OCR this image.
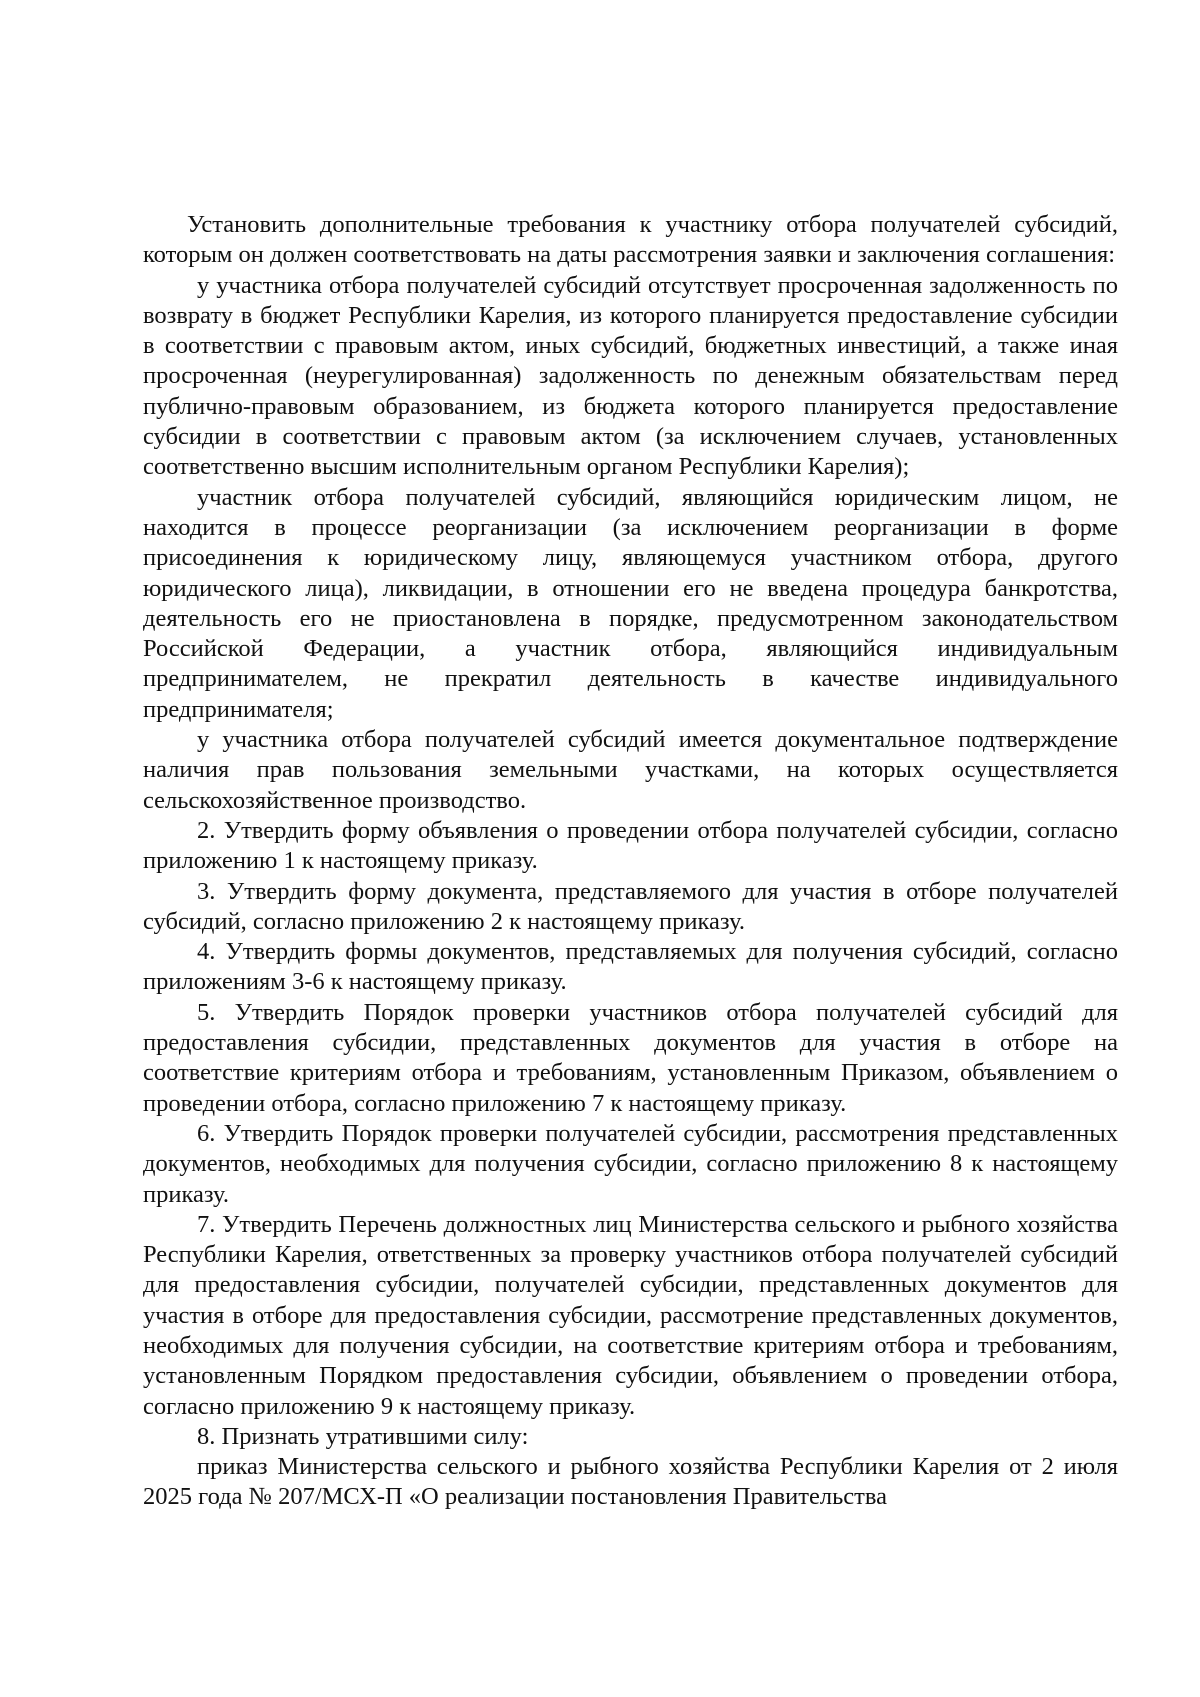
Установить дополнительные требования к участнику отбора получателей субсидий, которым он должен соответствовать на даты рассмотрения заявки и заключения соглашения:

у участника отбора получателей субсидий отсутствует просроченная задолженность по возврату в бюджет Республики Карелия, из которого планируется предоставление субсидии в соответствии с правовым актом, иных субсидий, бюджетных инвестиций, а также иная просроченная (неурегулированная) задолженность по денежным обязательствам перед публично-правовым образованием, из бюджета которого планируется предоставление субсидии в соответствии с правовым актом (за исключением случаев, установленных соответственно высшим исполнительным органом Республики Карелия);

участник отбора получателей субсидий, являющийся юридическим лицом, не находится в процессе реорганизации (за исключением реорганизации в форме присоединения к юридическому лицу, являющемуся участником отбора, другого юридического лица), ликвидации, в отношении его не введена процедура банкротства, деятельность его не приостановлена в порядке, предусмотренном законодательством Российской Федерации, а участник отбора, являющийся индивидуальным предпринимателем, не прекратил деятельность в качестве индивидуального предпринимателя;

у участника отбора получателей субсидий имеется документальное подтверждение наличия прав пользования земельными участками, на которых осуществляется сельскохозяйственное производство.

2. Утвердить форму объявления о проведении отбора получателей субсидии, согласно приложению 1 к настоящему приказу.

3. Утвердить форму документа, представляемого для участия в отборе получателей субсидий, согласно приложению 2 к настоящему приказу.

4. Утвердить формы документов, представляемых для получения субсидий, согласно приложениям 3-6 к настоящему приказу.

5. Утвердить Порядок проверки участников отбора получателей субсидий для предоставления субсидии, представленных документов для участия в отборе на соответствие критериям отбора и требованиям, установленным Приказом, объявлением о проведении отбора, согласно приложению 7 к настоящему приказу.

6. Утвердить Порядок проверки получателей субсидии, рассмотрения представленных документов, необходимых для получения субсидии, согласно приложению 8 к настоящему приказу.

7. Утвердить Перечень должностных лиц Министерства сельского и рыбного хозяйства Республики Карелия, ответственных за проверку участников отбора получателей субсидий для предоставления субсидии, получателей субсидии, представленных документов для участия в отборе для предоставления субсидии, рассмотрение представленных документов, необходимых для получения субсидии, на соответствие критериям отбора и требованиям, установленным Порядком предоставления субсидии, объявлением о проведении отбора, согласно приложению 9 к настоящему приказу.

8. Признать утратившими силу:

приказ Министерства сельского и рыбного хозяйства Республики Карелия от 2 июля 2025 года № 207/МСХ-П «О реализации постановления Правительства
